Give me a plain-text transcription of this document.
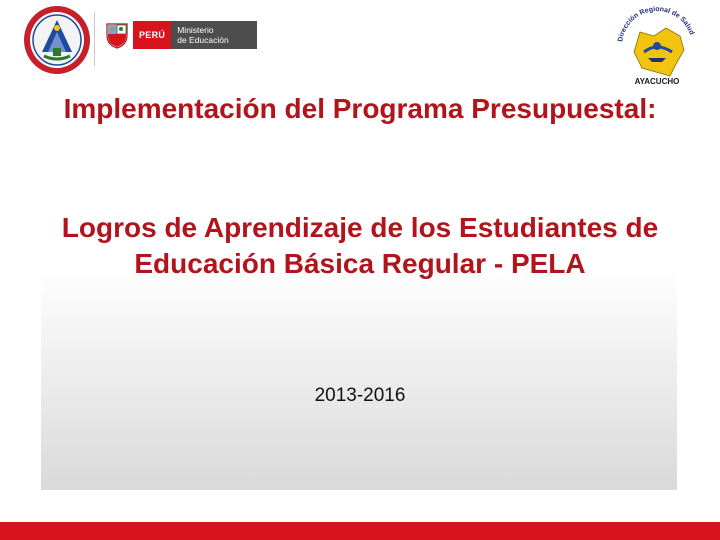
PERÚ	Ministerio
de Educación	Dirección Regional de Salud
AYACUCHO
Implementación del Programa Presupuestal:
Logros de Aprendizaje de los Estudiantes de Educación Básica Regular - PELA
2013-2016
